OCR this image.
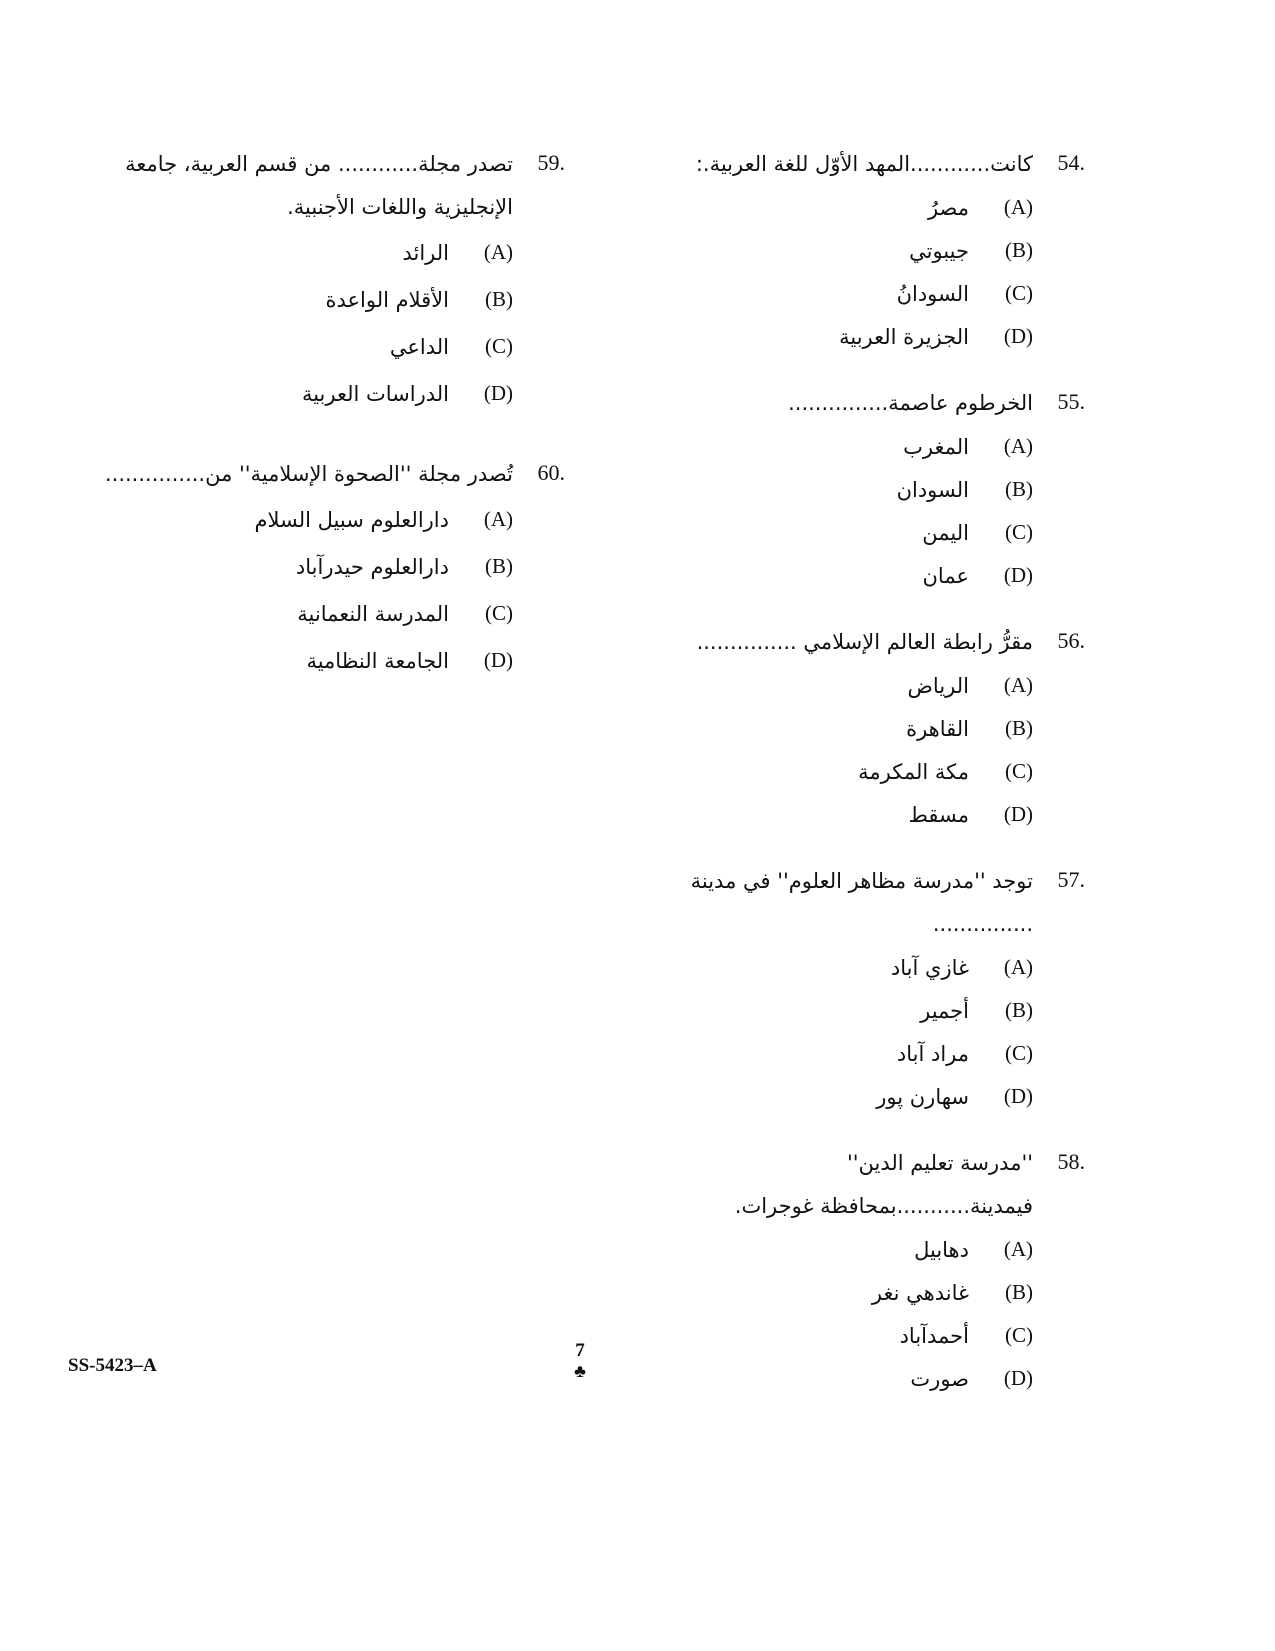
54.
كانت............المهد الأوّل للغة العربية.:
(A)
مصرُ
(B)
جيبوتي
(C)
السودانُ
(D)
الجزيرة العربية
55.
الخرطوم عاصمة...............
(A)
المغرب
(B)
السودان
(C)
اليمن
(D)
عمان
56.
مقرُّ رابطة العالم الإسلامي ...............
(A)
الرياض
(B)
القاهرة
(C)
مكة المكرمة
(D)
مسقط
57.
توجد ''مدرسة مظاهر العلوم'' في مدينة ...............
(A)
غازي آباد
(B)
أجمير
(C)
مراد آباد
(D)
سهارن پور
58.
''مدرسة تعليم الدين'' فيمدينة...........بمحافظة غوجرات.
(A)
دهابيل
(B)
غاندهي نغر
(C)
أحمدآباد
(D)
صورت
59.
تصدر مجلة............ من قسم العربية، جامعة الإنجليزية واللغات الأجنبية.
(A)
الرائد
(B)
الأقلام الواعدة
(C)
الداعي
(D)
الدراسات العربية
60.
تُصدر مجلة ''الصحوة الإسلامية'' من...............
(A)
دارالعلوم سبيل السلام
(B)
دارالعلوم حيدرآباد
(C)
المدرسة النعمانية
(D)
الجامعة النظامية
SS-5423–A
7
♣
